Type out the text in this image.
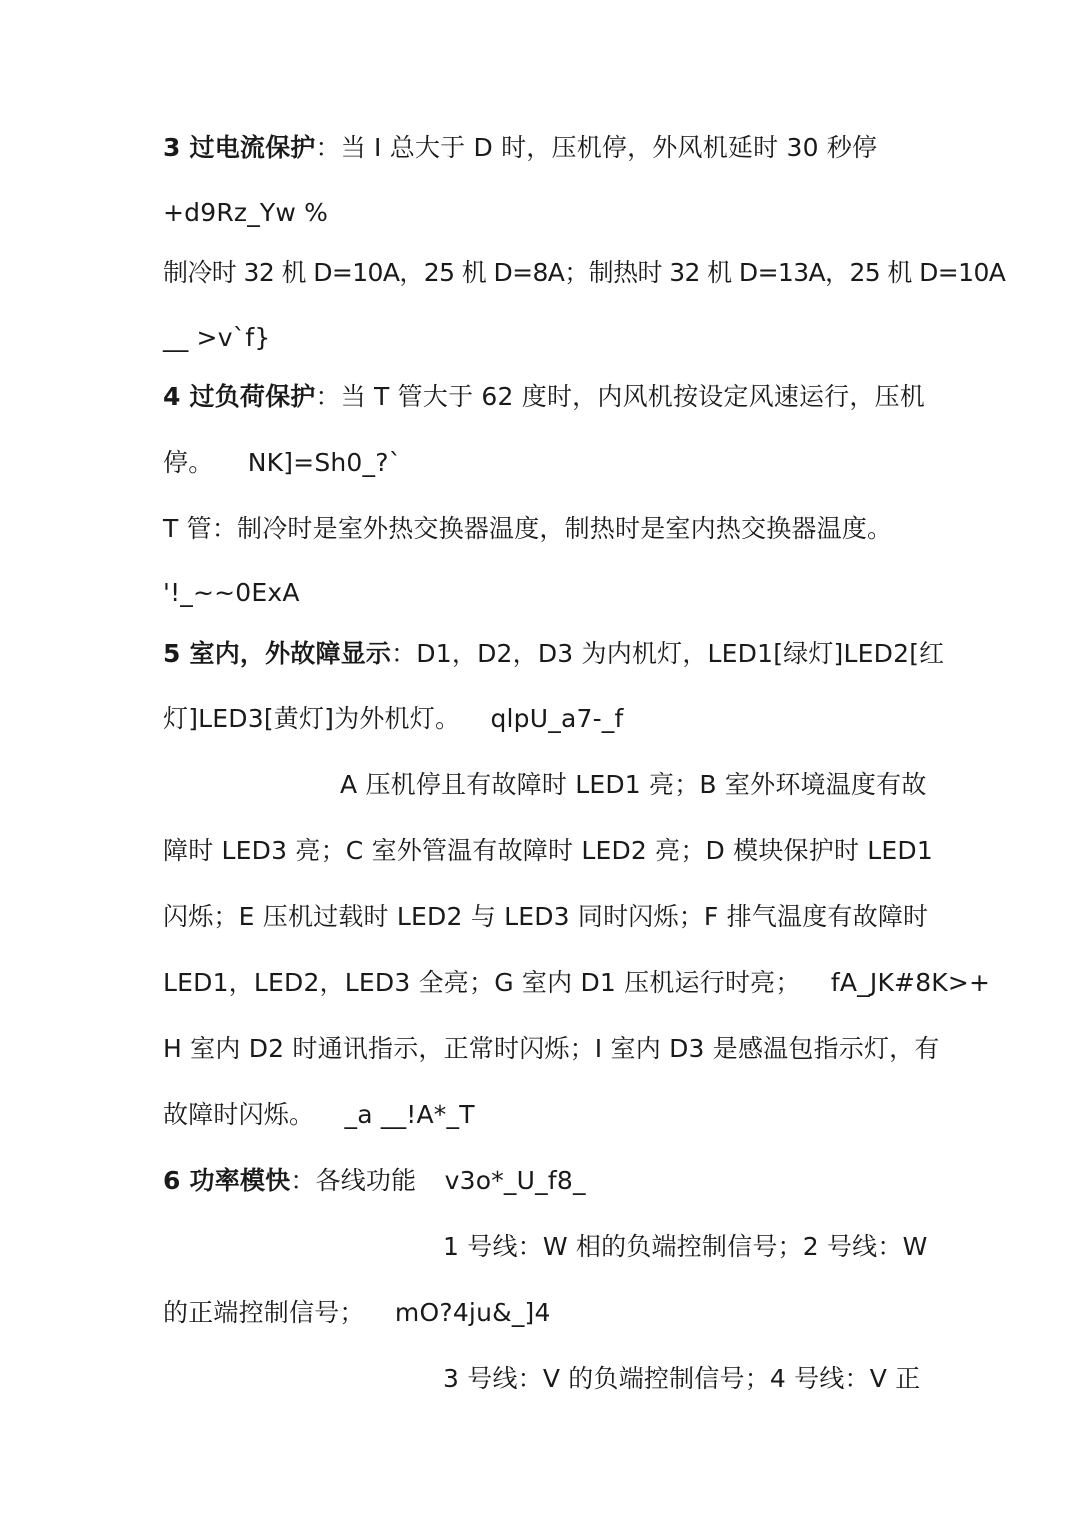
3 过电流保护：当 I 总大于 D 时，压机停，外风机延时 30 秒停
+d9Rz_Yw %
制冷时 32 机 D=10A，25 机 D=8A；制热时 32 机 D=13A，25 机 D=10A
__ >v`f}
4 过负荷保护：当 T 管大于 62 度时，内风机按设定风速运行，压机
停。 NK]=Sh0_?`
T 管：制冷时是室外热交换器温度，制热时是室内热交换器温度。
'!_~~0ExA
5 室内，外故障显示：D1，D2，D3 为内机灯，LED1[绿灯]LED2[红
灯]LED3[黄灯]为外机灯。 qlpU_a7-_f
A 压机停且有故障时 LED1 亮；B 室外环境温度有故
障时 LED3 亮；C 室外管温有故障时 LED2 亮；D 模块保护时 LED1
闪烁；E 压机过载时 LED2 与 LED3 同时闪烁；F 排气温度有故障时
LED1，LED2，LED3 全亮；G 室内 D1 压机运行时亮； fA_JK#8K>+
H 室内 D2 时通讯指示，正常时闪烁；I 室内 D3 是感温包指示灯，有
故障时闪烁。 _a __!A*_T
6 功率模快：各线功能 v3o*_U_f8_
1 号线：W 相的负端控制信号；2 号线：W
的正端控制信号； mO?4ju&_]4
3 号线：V 的负端控制信号；4 号线：V 正
